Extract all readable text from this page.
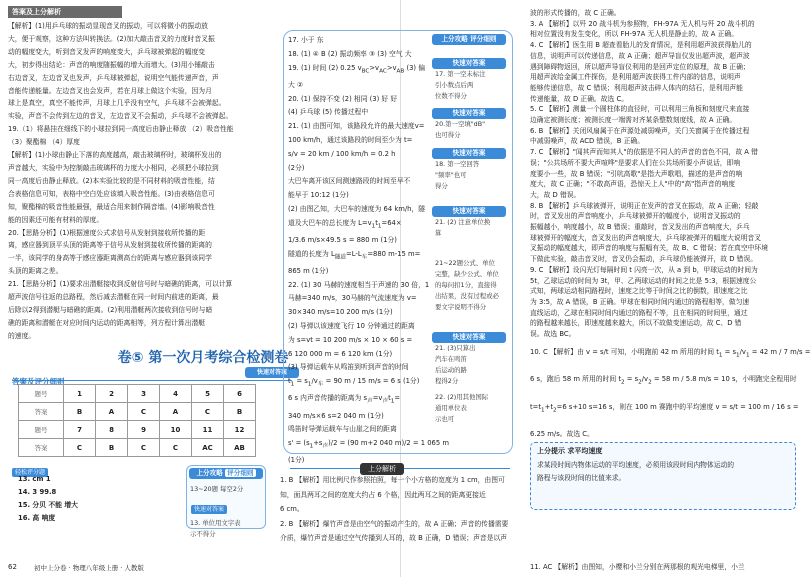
答案及上分解析
【解析】(1)用乒乓球的振动显现音叉的振动，可以将微小的振动放
大，便于观察，这种方法叫转换法。(2)加大敲击音叉的力度时音叉振
动的幅度变大，听到音叉发声的响度变大，乒乓球被弹起的幅度变
大，初步得出结论：声音的响度随振幅的增大而增大。(3)用小锤敲击
右边音叉，左边音叉也发声，乒乓球被弹起，说明空气能传递声音，声
音能传递能量。左边音叉也会发声，若在月球上做这个实验，因为月
球上是真空，真空不能传声，月球上几乎没有空气，乒乓球不会被弹起。
实验，声音不会传到左边的音叉，左边音叉不会振动，乒乓球不会被弹起。
19.（1）将悬挂在细线下的小球拉到同一高度后由静止释放 （2）吸音性能
（3）聚酯棉 （4）厚度
【解析】(1)小球由静止下落的高度越高，敲击玻璃杯时，玻璃杯发出的
声音越大，实验中为控制敲击玻璃杯的力度大小相同，必须把小球拉到
同一高度后由静止释放。(2)本实验比较的是不同材料的吸音性能，结
合表格信息可知，表格中空白处应该填入吸音性能。(3)由表格信息可
知，聚酯棉的吸音性能最强，最适合用来制作隔音墙。(4)影响吸音性
能的因素还可能有材料的厚度。
20.【思路分析】(1)根据速度公式求信号从发射到接收所传播的距
离，感应器到顶平头顶的距离等于信号从发射到接收所传播的距离的
一半，该同学的身高等于感应器距离测高台的距离与感应器到该同学
头顶的距离之差。
21.【思路分析】(1)要求出潜艇接收到反射信号时与暗礁的距离，可以计算
超声波信号往返的总路程，然后减去潜艇在同一时间内前进的距离，最
后除以2得到潜艇与暗礁的距离。(2)利用潜艇两次接收到信号时与暗
礁的距离和潜艇在对应时间内运动的距离相等，列方程计算出潜艇
的速度。
卷⑤ 第一次月考综合检测卷
答案及评分细则
快速对答案
题号	1	2	3	4	5	6
答案	B	A	C	A	C	B
题号	7	8	9	10	11	12
答案	C	B	C	C	AC	AB
轻松评分题
13. cm 1
14. 3 99.8
15. 分贝 不能 增大
16. 高 响度
上分攻略 评分细则
13~20题 每空2分
快速对答案
13. 单位用文字表
示不得分
62	初中上分卷 · 物理八年级上册 · 人教版
17. 小于 东
18. (1) ④ B (2) 振动频率 ③ (3) 空气 大
19. (1) 时间 (2) 0.25 $v_{BC}>v_{AC}>v_{AB}$ (3) 偏
大 ②
20. (1) 保持不变 (2) 相同 (3) 好 好
(4) 乒乓球 (5) 传播过程中
21. (1) 由图可知，该路段允许的最大速度v=
100 km/h，通过该路段的时间至少为 t=
s/v = 20 km / 100 km/h = 0.2 h
(2分)
大巴车离开该区间测速路段的时间至早不
能早于 10:12 (1分)
(2) 由图乙知，大巴车的速度为 64 km/h，隧
道及大巴车的总长度为 $L=v_1t_1=64\times$
1/3.6 m/s×49.5 s = 880 m (1分)
隧道的长度为 $L_{隧道}=L-L_车=880$ m-15 m=
865 m (1分)
22. (1) 30 马赫的速度相当于声速的 30 倍，1
马赫=340 m/s，30马赫的气流速度为 v=
30×340 m/s=10 200 m/s (1分)
(2) 导弹以该速度飞行 10 分钟通过的距离
为 s=vt = 10 200 m/s × 10 × 60 s =
6 120 000 m = 6 120 km (1分)
(3) 导弹运载车从鸣笛到听到声音的时间
$t_1 = s_1/v_车 = 90$ m / 15 m/s = 6 s (1分)
6 s 内声音传播的距离为 $s_声=v_声t_1=$
340 m/s×6 s=2 040 m (1分)
鸣笛时导弹运载车与山崖之间的距离
$s' = (s_1+s_声)/2 = (90$ m+2 040 m)/2 = 1 065 m
(1分)
上分攻略 评分细则
快速对答案
17. 第一空未标注
引小数点后两
位数不得分
快速对答案
20.第一空填"dB"
也可得分
快速对答案
18. 第一空回答
"频率"也可
得分
快速对答案
21. (2) 注意单位换
算
21~22题公式、单位
完整，缺少公式、单位
的每问扣1分，直接得
出结果，没有过程或必
要文字说明不得分
快速对答案
21. (3)只算出
汽车在鸣笛
后运动的路
程得2分
22. (2)用其他国际
通用单位表
示也可
上分解析
1. B 【解析】用比例尺作参照拍照，每一个小方格的宽度为 1 cm，由图可
知，面具两耳之间的宽度大约占 6 个格，因此两耳之间的距离更接近
6 cm。
2. B 【解析】爆竹声音是由空气的振动产生的，故 A 正确；声音的传播需要
介质，爆竹声音是通过空气传播到人耳的，故 B 正确，D 错误；声音是以声
波的形式传播的，故 C 正确。
3. A 【解析】以歼 20 战斗机为参照物，FH-97A 无人机与歼 20 战斗机的
相对位置没有发生变化，所以 FH-97A 无人机是静止的，故 A 正确。
4. C 【解析】医生用 B 超查看胎儿的发育情况，是利用超声波获得胎儿的
信息，说明声可以传递信息，故 A 正确；超声导盲仪发出超声波，超声波
遇到障碍物返回，所以超声导盲仪利用的是回声定位的原理，故 B 正确；
用超声波给金属工件探伤，是利用超声波获得工件内部的信息，说明声
能够传递信息，故 C 错误；利用超声波击碎人体内的结石，是利用声能
传递能量，故 D 正确。故选 C。
5. C 【解析】测量一个圆柱体的直径时，可以利用三角板和刻度尺来直接
边确定被测长度；被测长度一端需对齐某条整数刻度线，故 A 正确。
6. B 【解析】关闭风扇属于在声源处减弱噪声，关门关窗属于在传播过程
中减弱噪声，故 ACD 错误，B 正确。
7. C 【解析】"闻其声而知其人"的依据是不同人的声音的音色不同，故 A 错
误；"公共场所不要大声喧哗"是要求人们在公共场所要小声说话，即响
度要小一些，故 B 错误；"引吭高歌"是指大声歌唱，描述的是声音的响
度大，故 C 正确；"不敢高声语，恐惊天上人"中的"高"指声音的响度
大，故 D 错误。
8. B 【解析】乒乓球被弹开，说明正在发声的音叉在振动，故 A 正确；轻敲
时，音叉发出的声音响度小，乒乓球被弹开的幅度小，说明音叉振动的
振幅越小，响度越小，故 B 错误；重敲时，音叉发出的声音响度大，乒乓
球被弹开的幅度大，音叉发出的声音响度大，乒乓球被弹开的幅度大说明音叉
叉振动的幅度越大，即声音的响度与振幅有关，故 B、C 错误；若在真空中环境
下做此实验，敲击音叉时，音叉仍会振动，乒乓球仍能被弹开，故 D 错误。
9. C 【解析】设闪光灯每隔时间 t 闪亮一次，从 a 到 b，甲球运动的时间为
5t，乙球运动的时间为 3t，甲、乙两球运动的时间之比是 5:3，根据速度公
式知，两球运动相同路程时，速度之比等于时间之比的倒数，即速度之比
为 3:5，故 A 错误，B 正确。甲球在相同时间内通过的路程相等，做匀速
直线运动，乙球在相同时间内通过的路程不等，且在相同的时间里，通过
的路程越来越长，即速度越来越大，所以不故做变速运动，故 C、D 错
误。故选 BC。
10. C 【解析】由 v = s/t 可知，小明跑前 42 m 所用的时间 $t_1 = s_1/v_1 = 42$ m / 7 m/s =
6 s，跑后 58 m 所用的时间 $t_2 = s_2/v_2 = 58$ m / 5.8 m/s = 10 s，小明跑完全程用时
$t=t_1+t_2=6$ s+10 s=16 s，则在 100 m 赛跑中的平均速度 v = s/t = 100 m / 16 s =
6.25 m/s。故选 C。
上分提示 求平均速度
求某段时间内物体运动的平均速度，必须用该段时间内物体运动的
路程与该段时间的比值来求。
11. AC 【解析】由图知，小樱和小兰分别在两那根的观光电梯里，小兰
